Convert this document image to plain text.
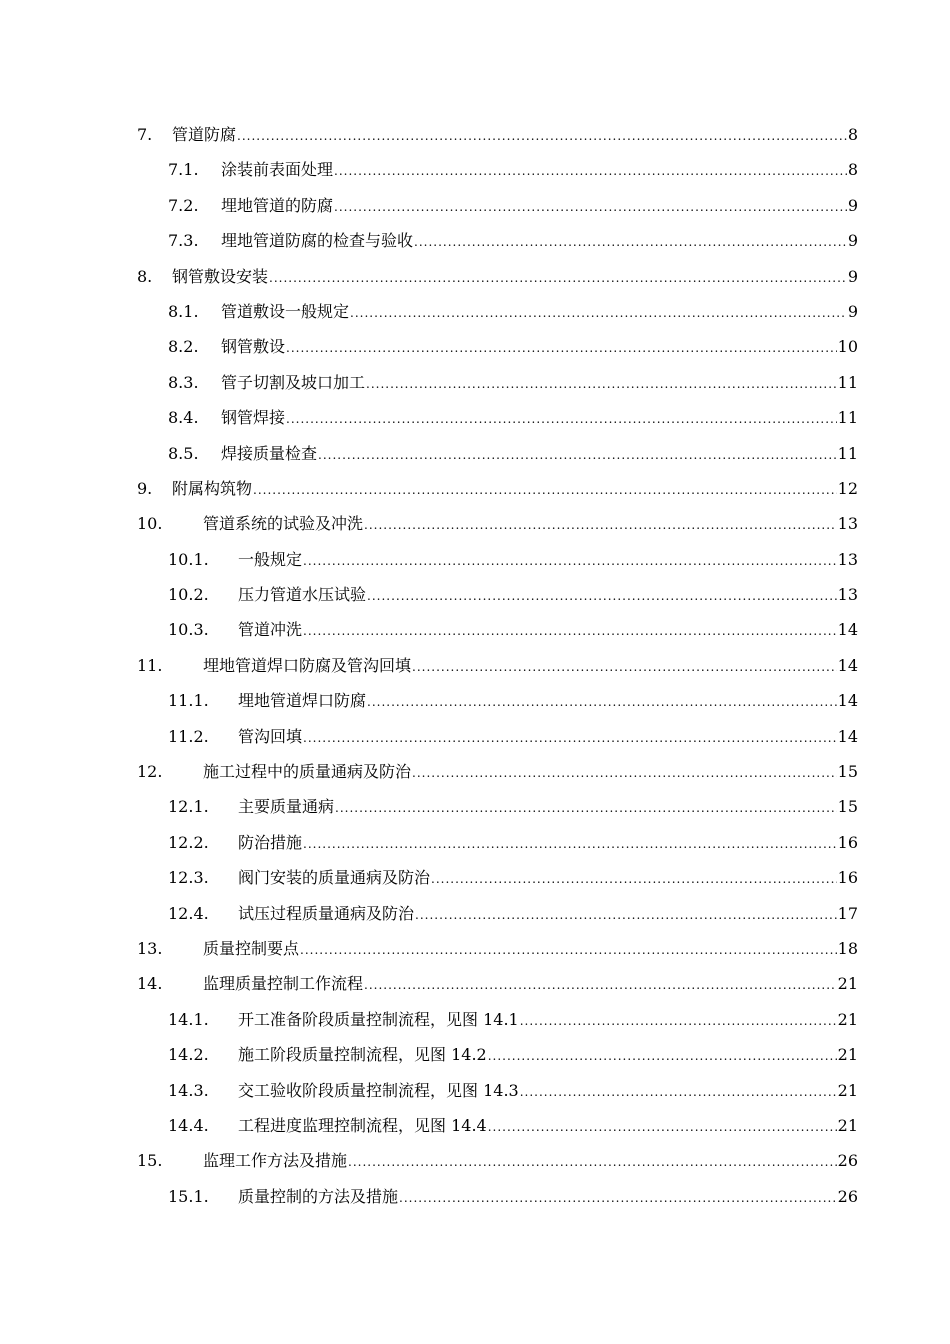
7. 管道防腐 .....	8
7.1. 涂装前表面处理 .....	8
7.2. 埋地管道的防腐 .....	9
7.3. 埋地管道防腐的检查与验收 .....	9
8. 钢管敷设安装 .....	9
8.1. 管道敷设一般规定 .....	9
8.2. 钢管敷设 .....	10
8.3. 管子切割及坡口加工 .....	11
8.4. 钢管焊接 .....	11
8.5. 焊接质量检查 .....	11
9. 附属构筑物 .....	12
10.	管道系统的试验及冲洗 .....	13
10.1. 一般规定 .....	13
10.2. 压力管道水压试验 .....	13
10.3. 管道冲洗 .....	14
11.	埋地管道焊口防腐及管沟回填 .....	14
11.1. 埋地管道焊口防腐 .....	14
11.2. 管沟回填 .....	14
12.	施工过程中的质量通病及防治 .....	15
12.1. 主要质量通病 .....	15
12.2. 防治措施 .....	16
12.3. 阀门安装的质量通病及防治 .....	16
12.4. 试压过程质量通病及防治 .....	17
13.	质量控制要点 .....	18
14.	监理质量控制工作流程 .....	21
14.1. 开工准备阶段质量控制流程，见图 14.1 .....	21
14.2. 施工阶段质量控制流程，见图 14.2 .....	21
14.3. 交工验收阶段质量控制流程，见图 14.3 .....	21
14.4. 工程进度监理控制流程，见图 14.4 .....	21
15.	监理工作方法及措施 .....	26
15.1. 质量控制的方法及措施 .....	26
